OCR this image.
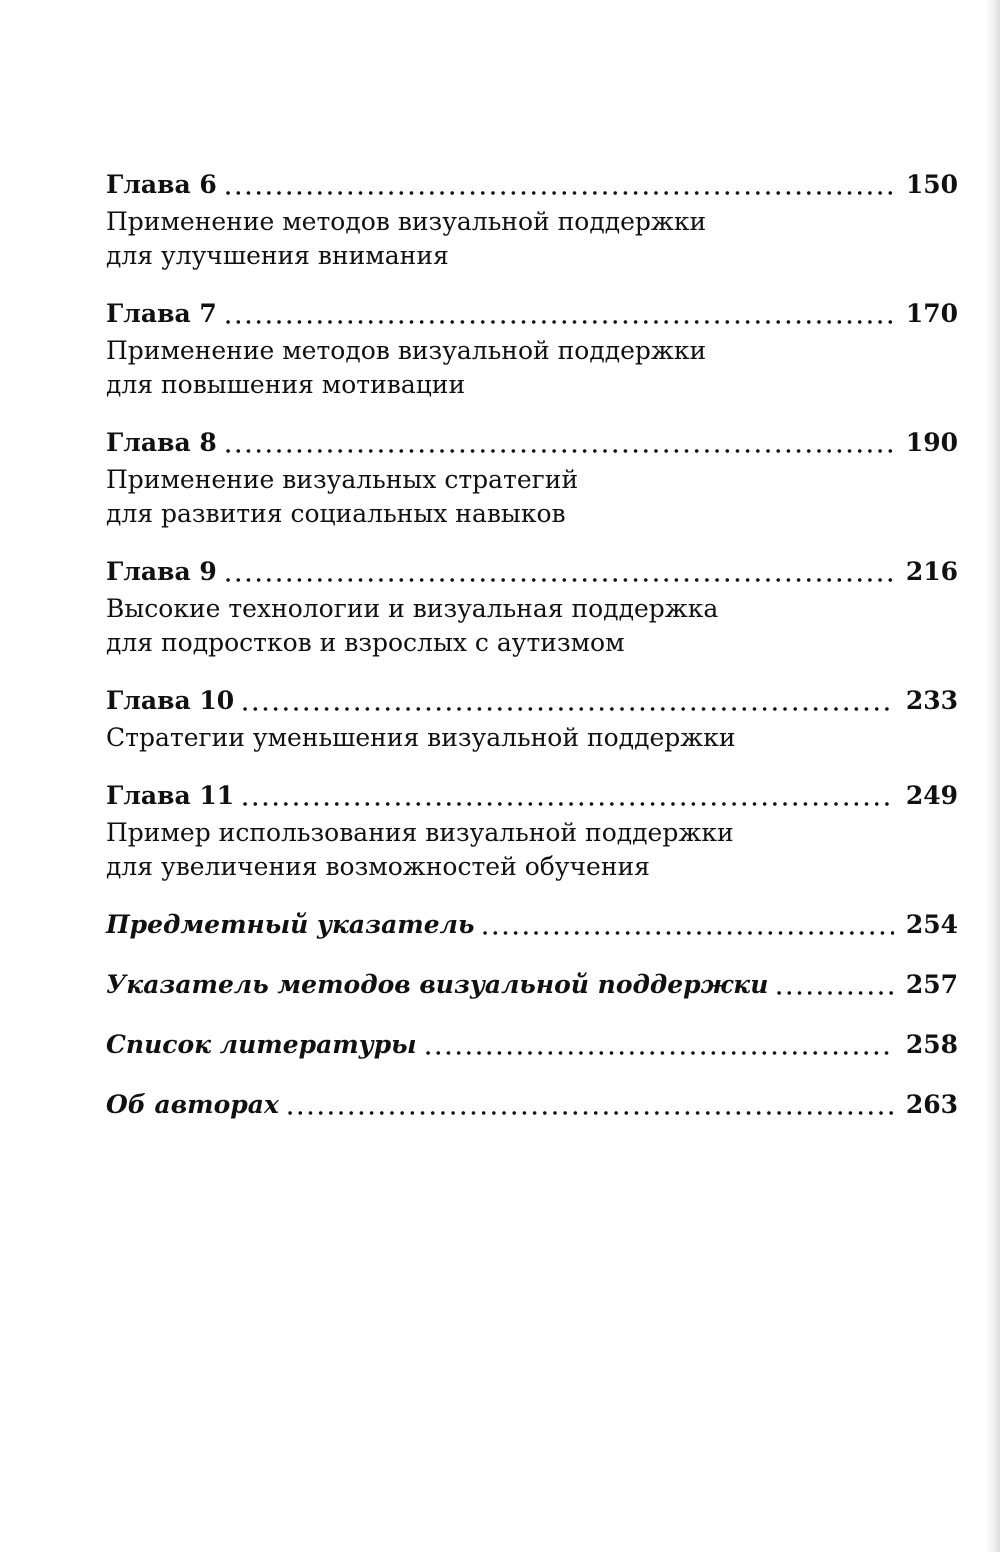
Глава 6	150
Применение методов визуальной поддержки
для улучшения внимания
Глава 7	170
Применение методов визуальной поддержки
для повышения мотивации
Глава 8	190
Применение визуальных стратегий
для развития социальных навыков
Глава 9	216
Высокие технологии и визуальная поддержка
для подростков и взрослых с аутизмом
Глава 10	233
Стратегии уменьшения визуальной поддержки
Глава 11	249
Пример использования визуальной поддержки
для увеличения возможностей обучения
Предметный указатель	254
Указатель методов визуальной поддержки	257
Список литературы	258
Об авторах	263
